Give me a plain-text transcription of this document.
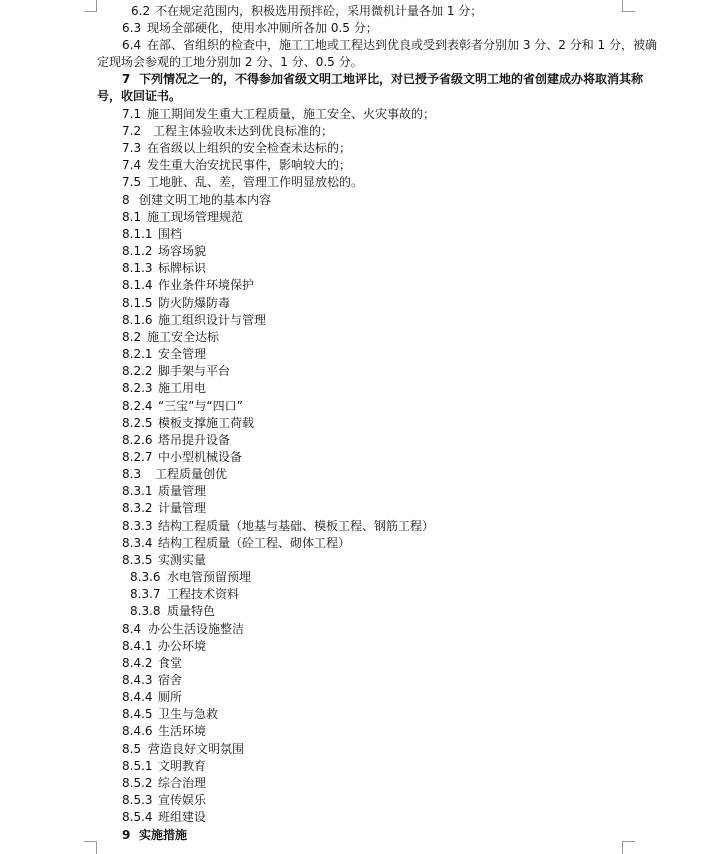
6.2 不在规定范围内，积极选用预拌砼，采用微机计量各加 1 分；
6.3 现场全部硬化，使用水冲厕所各加 0.5 分；
6.4 在部、省组织的检查中，施工工地或工程达到优良或受到表彰者分别加 3 分、2 分和 1 分，被确
定现场会参观的工地分别加 2 分、1 分、0.5 分。
7 下列情况之一的，不得参加省级文明工地评比，对已授予省级文明工地的省创建成办将取消其称
号，收回证书。
7.1 施工期间发生重大工程质量，施工安全、火灾事故的；
7.2 工程主体验收未达到优良标准的；
7.3 在省级以上组织的安全检查未达标的；
7.4 发生重大治安扰民事件，影响较大的；
7.5 工地脏、乱、差，管理工作明显放松的。
8 创建文明工地的基本内容
8.1 施工现场管理规范
8.1.1 围档
8.1.2 场容场貌
8.1.3 标牌标识
8.1.4 作业条件环境保护
8.1.5 防火防爆防毒
8.1.6 施工组织设计与管理
8.2 施工安全达标
8.2.1 安全管理
8.2.2 脚手架与平台
8.2.3 施工用电
8.2.4 “三宝”与“四口”
8.2.5 模板支撑施工荷载
8.2.6 塔吊提升设备
8.2.7 中小型机械设备
8.3 工程质量创优
8.3.1 质量管理
8.3.2 计量管理
8.3.3 结构工程质量（地基与基础、模板工程、钢筋工程）
8.3.4 结构工程质量（砼工程、砌体工程）
8.3.5 实测实量
8.3.6 水电管预留预埋
8.3.7 工程技术资料
8.3.8 质量特色
8.4 办公生活设施整洁
8.4.1 办公环境
8.4.2 食堂
8.4.3 宿舍
8.4.4 厕所
8.4.5 卫生与急救
8.4.6 生活环境
8.5 营造良好文明氛围
8.5.1 文明教育
8.5.2 综合治理
8.5.3 宣传娱乐
8.5.4 班组建设
9 实施措施
